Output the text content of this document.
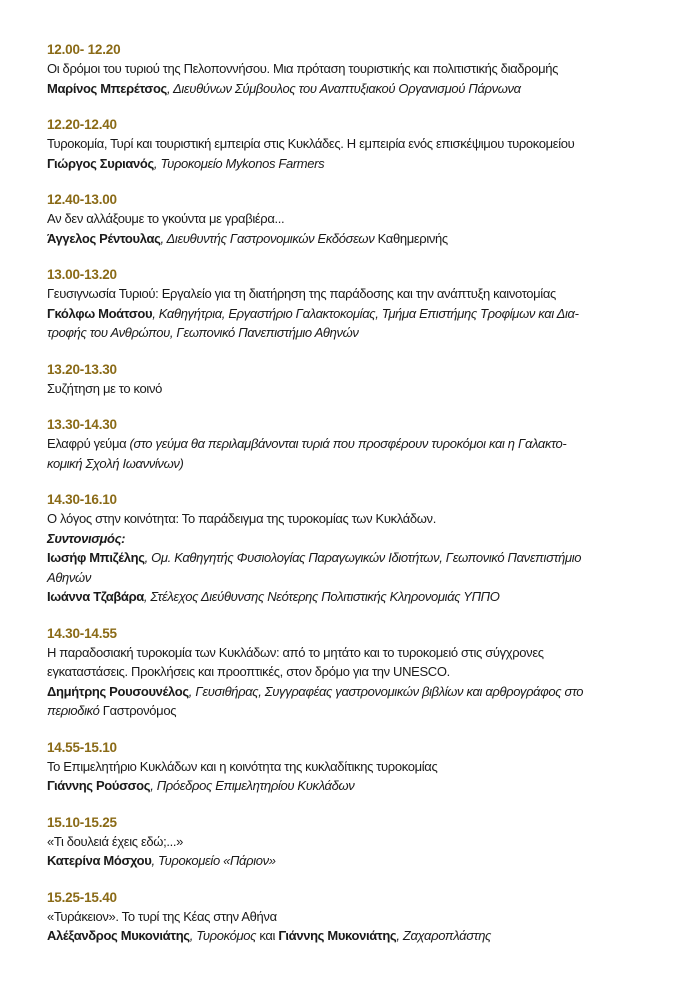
12.00- 12.20
Οι δρόμοι του τυριού της Πελοποννήσου. Μια πρόταση τουριστικής και πολιτιστικής διαδρομής
Μαρίνος Μπερέτσος, Διευθύνων Σύμβουλος του Αναπτυξιακού Οργανισμού Πάρνωνα
12.20-12.40
Τυροκομία, Τυρί και τουριστική εμπειρία στις Κυκλάδες. Η εμπειρία ενός επισκέψιμου τυροκομείου
Γιώργος Συριανός, Τυροκομείο Mykonos Farmers
12.40-13.00
Αν δεν αλλάξουμε το γκούντα με γραβιέρα...
Άγγελος Ρέντουλας, Διευθυντής Γαστρονομικών Εκδόσεων Καθημερινής
13.00-13.20
Γευσιγνωσία Τυριού: Εργαλείο για τη διατήρηση της παράδοσης και την ανάπτυξη καινοτομίας
Γκόλφω Μοάτσου, Καθηγήτρια, Εργαστήριο Γαλακτοκομίας, Τμήμα Επιστήμης Τροφίμων και Δια-
τροφής του Ανθρώπου, Γεωπονικό Πανεπιστήμιο Αθηνών
13.20-13.30
Συζήτηση με το κοινό
13.30-14.30
Ελαφρύ γεύμα (στο γεύμα θα περιλαμβάνονται τυριά που προσφέρουν τυροκόμοι και η Γαλακτο-
κομική Σχολή Ιωαννίνων)
14.30-16.10
Ο λόγος στην κοινότητα: Το παράδειγμα της τυροκομίας των Κυκλάδων.
Συντονισμός:
Ιωσήφ Μπιζέλης, Ομ. Καθηγητής Φυσιολογίας Παραγωγικών Ιδιοτήτων, Γεωπονικό Πανεπιστήμιο
Αθηνών
Ιωάννα Τζαβάρα, Στέλεχος Διεύθυνσης Νεότερης Πολιτιστικής Κληρονομιάς ΥΠΠΟ
14.30-14.55
Η παραδοσιακή τυροκομία των Κυκλάδων: από το μητάτο και το τυροκομειό στις σύγχρονες
εγκαταστάσεις. Προκλήσεις και προοπτικές, στον δρόμο για την UNESCO.
Δημήτρης Ρουσουνέλος, Γευσιθήρας, Συγγραφέας γαστρονομικών βιβλίων και αρθρογράφος στο
περιοδικό Γαστρονόμος
14.55-15.10
Το Επιμελητήριο Κυκλάδων και η κοινότητα της κυκλαδίτικης τυροκομίας
Γιάννης Ρούσσος, Πρόεδρος Επιμελητηρίου Κυκλάδων
15.10-15.25
«Τι δουλειά έχεις εδώ;...»
Κατερίνα Μόσχου, Τυροκομείο «Πάριον»
15.25-15.40
«Τυράκειον». Το τυρί της Κέας στην Αθήνα
Αλέξανδρος Μυκονιάτης, Τυροκόμος και Γιάννης Μυκονιάτης, Ζαχαροπλάστης
